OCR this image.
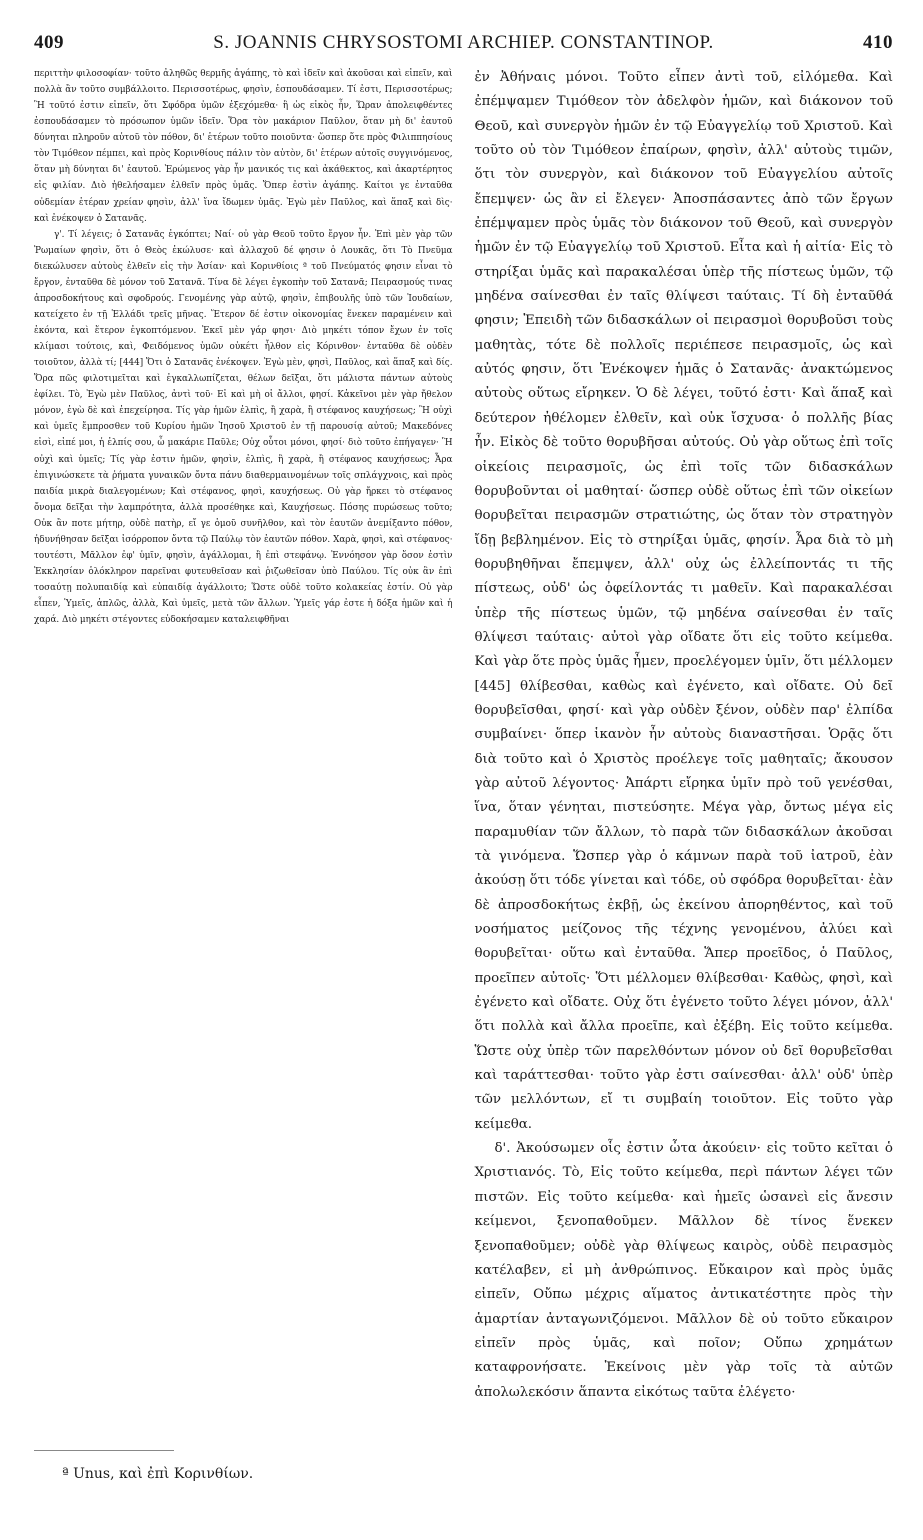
409	S. JOANNIS CHRYSOSTOMI ARCHIEP. CONSTANTINOP.	410

περιττὴν φιλοσοφίαν· τοῦτο ἀληθῶς θερμῆς ἀγάπης, τὸ καὶ ἰδεῖν καὶ ἀκοῦσαι καὶ εἰπεῖν, καὶ πολλὰ ἂν τοῦτο συμβάλλοιτο. Περισσοτέρως, φησὶν, ἐσπουδάσαμεν. Τί ἐστι, Περισσοτέρως; Ἢ τοῦτό ἐστιν εἰπεῖν, ὅτι Σφόδρα ὑμῶν ἐξεχόμεθα· ἢ ὡς εἰκὸς ἦν, Ὥραν ἀπολειφθέντες ἐσπουδάσαμεν τὸ πρόσωπον ὑμῶν ἰδεῖν. Ὅρα τὸν μακάριον Παῦλον, ὅταν μὴ δι' ἑαυτοῦ δύνηται πληροῦν αὐτοῦ τὸν πόθον, δι' ἑτέρων τοῦτο ποιοῦντα· ὥσπερ ὅτε πρὸς Φιλιππησίους τὸν Τιμόθεον πέμπει, καὶ πρὸς Κορινθίους πάλιν τὸν αὐτὸν, δι' ἑτέρων αὐτοῖς συγγινόμενος, ὅταν μὴ δύνηται δι' ἑαυτοῦ. Ἐρώμενος γὰρ ἦν μανικός τις καὶ ἀκάθεκτος, καὶ ἀκαρτέρητος εἰς φιλίαν. Διὸ ἠθελήσαμεν ἐλθεῖν πρὸς ὑμᾶς. Ὅπερ ἐστὶν ἀγάπης. Καίτοι γε ἐνταῦθα οὐδεμίαν ἑτέραν χρείαν φησὶν, ἀλλ' ἵνα ἴδωμεν ὑμᾶς. Ἐγὼ μὲν Παῦλος, καὶ ἅπαξ καὶ δὶς· καὶ ἐνέκοψεν ὁ Σατανᾶς.

γ'. Τί λέγεις; ὁ Σατανᾶς ἐγκόπτει; Ναί· οὐ γὰρ Θεοῦ τοῦτο ἔργον ἦν. Ἐπὶ μὲν γὰρ τῶν Ῥωμαίων φησὶν, ὅτι ὁ Θεὸς ἐκώλυσε· καὶ ἀλλαχοῦ δέ φησιν ὁ Λουκᾶς, ὅτι Τὸ Πνεῦμα διεκώλυσεν αὐτοὺς ἐλθεῖν εἰς τὴν Ἀσίαν· καὶ Κορινθίοις ª τοῦ Πνεύματός φησιν εἶναι τὸ ἔργον, ἐνταῦθα δὲ μόνον τοῦ Σατανᾶ. Τίνα δὲ λέγει ἐγκοπὴν τοῦ Σατανᾶ; Πειρασμούς τινας ἀπροσδοκήτους καὶ σφοδρούς. Γενομένης γὰρ αὐτῷ, φησὶν, ἐπιβουλῆς ὑπὸ τῶν Ἰουδαίων, κατείχετο ἐν τῇ Ἑλλάδι τρεῖς μῆνας. Ἕτερον δέ ἐστιν οἰκονομίας ἕνεκεν παραμένειν καὶ ἑκόντα, καὶ ἕτερον ἐγκοπτόμενον. Ἐκεῖ μὲν γάρ φησι· Διὸ μηκέτι τόπον ἔχων ἐν τοῖς κλίμασι τούτοις, καὶ, Φειδόμενος ὑμῶν οὐκέτι ἦλθον εἰς Κόρινθον· ἐνταῦθα δὲ οὐδὲν τοιοῦτον, ἀλλὰ τί; [444] Ὅτι ὁ Σατανᾶς ἐνέκοψεν. Ἐγὼ μὲν, φησὶ, Παῦλος, καὶ ἅπαξ καὶ δίς. Ὅρα πῶς φιλοτιμεῖται καὶ ἐγκαλλωπίζεται, θέλων δεῖξαι, ὅτι μάλιστα πάντων αὐτοὺς ἐφίλει. Τὸ, Ἐγὼ μὲν Παῦλος, ἀντὶ τοῦ· Εἰ καὶ μὴ οἱ ἄλλοι, φησί. Κἀκεῖνοι μὲν γὰρ ἤθελον μόνον, ἐγὼ δὲ καὶ ἐπεχείρησα. Τίς γὰρ ἡμῶν ἐλπὶς, ἢ χαρὰ, ἢ στέφανος καυχήσεως; Ἢ οὐχὶ καὶ ὑμεῖς ἔμπροσθεν τοῦ Κυρίου ἡμῶν Ἰησοῦ Χριστοῦ ἐν τῇ παρουσίᾳ αὐτοῦ; Μακεδόνες εἰσὶ, εἰπέ μοι, ἡ ἐλπίς σου, ὦ μακάριε Παῦλε; Οὐχ οὗτοι μόνοι, φησί· διὸ τοῦτο ἐπήγαγεν· Ἢ οὐχὶ καὶ ὑμεῖς; Τίς γὰρ ἐστιν ἡμῶν, φησὶν, ἐλπὶς, ἢ χαρὰ, ἢ στέφανος καυχήσεως; Ἆρα ἐπιγινώσκετε τὰ ῥήματα γυναικῶν ὄντα πάνυ διαθερμαινομένων τοῖς σπλάγχνοις, καὶ πρὸς παιδία μικρὰ διαλεγομένων; Καὶ στέφανος, φησὶ, καυχήσεως. Οὐ γὰρ ἤρκει τὸ στέφανος ὄνομα δεῖξαι τὴν λαμπρότητα, ἀλλὰ προσέθηκε καὶ, Καυχήσεως. Πόσης πυρώσεως τοῦτο; Οὐκ ἂν ποτε μήτηρ, οὐδὲ πατὴρ, εἴ γε ὁμοῦ συνῆλθον, καὶ τὸν ἑαυτῶν ἀνεμίξαντο πόθον, ἠδυνήθησαν δεῖξαι ἰσόρροπον ὄντα τῷ Παύλῳ τὸν ἑαυτῶν πόθον. Χαρὰ, φησὶ, καὶ στέφανος· τουτέστι, Μᾶλλον ἐφ' ὑμῖν, φησὶν, ἀγάλλομαι, ἢ ἐπὶ στεφάνῳ. Ἐννόησον γὰρ ὅσον ἐστὶν Ἐκκλησίαν ὁλόκληρον παρεῖναι φυτευθεῖσαν καὶ ῥιζωθεῖσαν ὑπὸ Παύλου. Τίς οὐκ ἂν ἐπὶ τοσαύτῃ πολυπαιδίᾳ καὶ εὐπαιδίᾳ ἀγάλλοιτο; Ὥστε οὐδὲ τοῦτο κολακείας ἐστίν. Οὐ γὰρ εἶπεν, Ὑμεῖς, ἁπλῶς, ἀλλὰ, Καὶ ὑμεῖς, μετὰ τῶν ἄλλων. Ὑμεῖς γάρ ἐστε ἡ δόξα ἡμῶν καὶ ἡ χαρά. Διὸ μηκέτι στέγοντες εὐδοκήσαμεν καταλειφθῆναι

ἐν Ἀθήναις μόνοι. Τοῦτο εἶπεν ἀντὶ τοῦ, εἰλόμεθα. Καὶ ἐπέμψαμεν Τιμόθεον τὸν ἀδελφὸν ἡμῶν, καὶ διάκονον τοῦ Θεοῦ, καὶ συνεργὸν ἡμῶν ἐν τῷ Εὐαγγελίῳ τοῦ Χριστοῦ. Καὶ τοῦτο οὐ τὸν Τιμόθεον ἐπαίρων, φησὶν, ἀλλ' αὐτοὺς τιμῶν, ὅτι τὸν συνεργὸν, καὶ διάκονον τοῦ Εὐαγγελίου αὐτοῖς ἔπεμψεν· ὡς ἂν εἰ ἔλεγεν· Ἀποσπάσαντες ἀπὸ τῶν ἔργων ἐπέμψαμεν πρὸς ὑμᾶς τὸν διάκονον τοῦ Θεοῦ, καὶ συνεργὸν ἡμῶν ἐν τῷ Εὐαγγελίῳ τοῦ Χριστοῦ. Εἶτα καὶ ἡ αἰτία· Εἰς τὸ στηρίξαι ὑμᾶς καὶ παρακαλέσαι ὑπὲρ τῆς πίστεως ὑμῶν, τῷ μηδένα σαίνεσθαι ἐν ταῖς θλίψεσι ταύταις. Τί δὴ ἐνταῦθά φησιν; Ἐπειδὴ τῶν διδασκάλων οἱ πειρασμοὶ θορυβοῦσι τοὺς μαθητὰς, τότε δὲ πολλοῖς περιέπεσε πειρασμοῖς, ὡς καὶ αὐτός φησιν, ὅτι Ἐνέκοψεν ἡμᾶς ὁ Σατανᾶς· ἀνακτώμενος αὐτοὺς οὕτως εἴρηκεν. Ὁ δὲ λέγει, τοῦτό ἐστι· Καὶ ἅπαξ καὶ δεύτερον ἠθέλομεν ἐλθεῖν, καὶ οὐκ ἴσχυσα· ὁ πολλῆς βίας ἦν. Εἰκὸς δὲ τοῦτο θορυβῆσαι αὐτούς. Οὐ γὰρ οὕτως ἐπὶ τοῖς οἰκείοις πειρασμοῖς, ὡς ἐπὶ τοῖς τῶν διδασκάλων θορυβοῦνται οἱ μαθηταί· ὥσπερ οὐδὲ οὕτως ἐπὶ τῶν οἰκείων θορυβεῖται πειρασμῶν στρατιώτης, ὡς ὅταν τὸν στρατηγὸν ἴδῃ βεβλημένον. Εἰς τὸ στηρίξαι ὑμᾶς, φησίν. Ἆρα διὰ τὸ μὴ θορυβηθῆναι ἔπεμψεν, ἀλλ' οὐχ ὡς ἐλλείποντάς τι τῆς πίστεως, οὐδ' ὡς ὀφείλοντάς τι μαθεῖν. Καὶ παρακαλέσαι ὑπὲρ τῆς πίστεως ὑμῶν, τῷ μηδένα σαίνεσθαι ἐν ταῖς θλίψεσι ταύταις· αὐτοὶ γὰρ οἴδατε ὅτι εἰς τοῦτο κείμεθα. Καὶ γὰρ ὅτε πρὸς ὑμᾶς ἦμεν, προελέγομεν ὑμῖν, ὅτι μέλλομεν [445] θλίβεσθαι, καθὼς καὶ ἐγένετο, καὶ οἴδατε. Οὐ δεῖ θορυβεῖσθαι, φησί· καὶ γὰρ οὐδὲν ξένον, οὐδὲν παρ' ἐλπίδα συμβαίνει· ὅπερ ἱκανὸν ἦν αὐτοὺς διαναστῆσαι. Ὁρᾷς ὅτι διὰ τοῦτο καὶ ὁ Χριστὸς προέλεγε τοῖς μαθηταῖς; ἄκουσον γὰρ αὐτοῦ λέγοντος· Ἀπάρτι εἴρηκα ὑμῖν πρὸ τοῦ γενέσθαι, ἵνα, ὅταν γένηται, πιστεύσητε. Μέγα γὰρ, ὄντως μέγα εἰς παραμυθίαν τῶν ἄλλων, τὸ παρὰ τῶν διδασκάλων ἀκοῦσαι τὰ γινόμενα. Ὥσπερ γὰρ ὁ κάμνων παρὰ τοῦ ἰατροῦ, ἐὰν ἀκούσῃ ὅτι τόδε γίνεται καὶ τόδε, οὐ σφόδρα θορυβεῖται· ἐὰν δὲ ἀπροσδοκήτως ἐκβῇ, ὡς ἐκείνου ἀπορηθέντος, καὶ τοῦ νοσήματος μείζονος τῆς τέχνης γενομένου, ἀλύει καὶ θορυβεῖται· οὕτω καὶ ἐνταῦθα. Ἅπερ προεῖδος, ὁ Παῦλος, προεῖπεν αὐτοῖς· Ὅτι μέλλομεν θλίβεσθαι· Καθὼς, φησὶ, καὶ ἐγένετο καὶ οἴδατε. Οὐχ ὅτι ἐγένετο τοῦτο λέγει μόνον, ἀλλ' ὅτι πολλὰ καὶ ἄλλα προεῖπε, καὶ ἐξέβη. Εἰς τοῦτο κείμεθα. Ὥστε οὐχ ὑπὲρ τῶν παρελθόντων μόνον οὐ δεῖ θορυβεῖσθαι καὶ ταράττεσθαι· τοῦτο γὰρ ἐστι σαίνεσθαι· ἀλλ' οὐδ' ὑπὲρ τῶν μελλόντων, εἴ τι συμβαίη τοιοῦτον. Εἰς τοῦτο γὰρ κείμεθα.

δ'. Ἀκούσωμεν οἷς ἐστιν ὦτα ἀκούειν· εἰς τοῦτο κεῖται ὁ Χριστιανός. Τὸ, Εἰς τοῦτο κείμεθα, περὶ πάντων λέγει τῶν πιστῶν. Εἰς τοῦτο κείμεθα· καὶ ἡμεῖς ὡσανεὶ εἰς ἄνεσιν κείμενοι, ξενοπαθοῦμεν. Μᾶλλον δὲ τίνος ἕνεκεν ξενοπαθοῦμεν; οὐδὲ γὰρ θλίψεως καιρὸς, οὐδὲ πειρασμὸς κατέλαβεν, εἰ μὴ ἀνθρώπινος. Εὔκαιρον καὶ πρὸς ὑμᾶς εἰπεῖν, Οὔπω μέχρις αἵματος ἀντικατέστητε πρὸς τὴν ἁμαρτίαν ἀνταγωνιζόμενοι. Μᾶλλον δὲ οὐ τοῦτο εὔκαιρον εἰπεῖν πρὸς ὑμᾶς, καὶ ποῖον; Οὔπω χρημάτων καταφρονήσατε. Ἐκείνοις μὲν γὰρ τοῖς τὰ αὐτῶν ἀπολωλεκόσιν ἅπαντα εἰκότως ταῦτα ἐλέγετο·

ª Unus, καὶ ἐπὶ Κορινθίων.
